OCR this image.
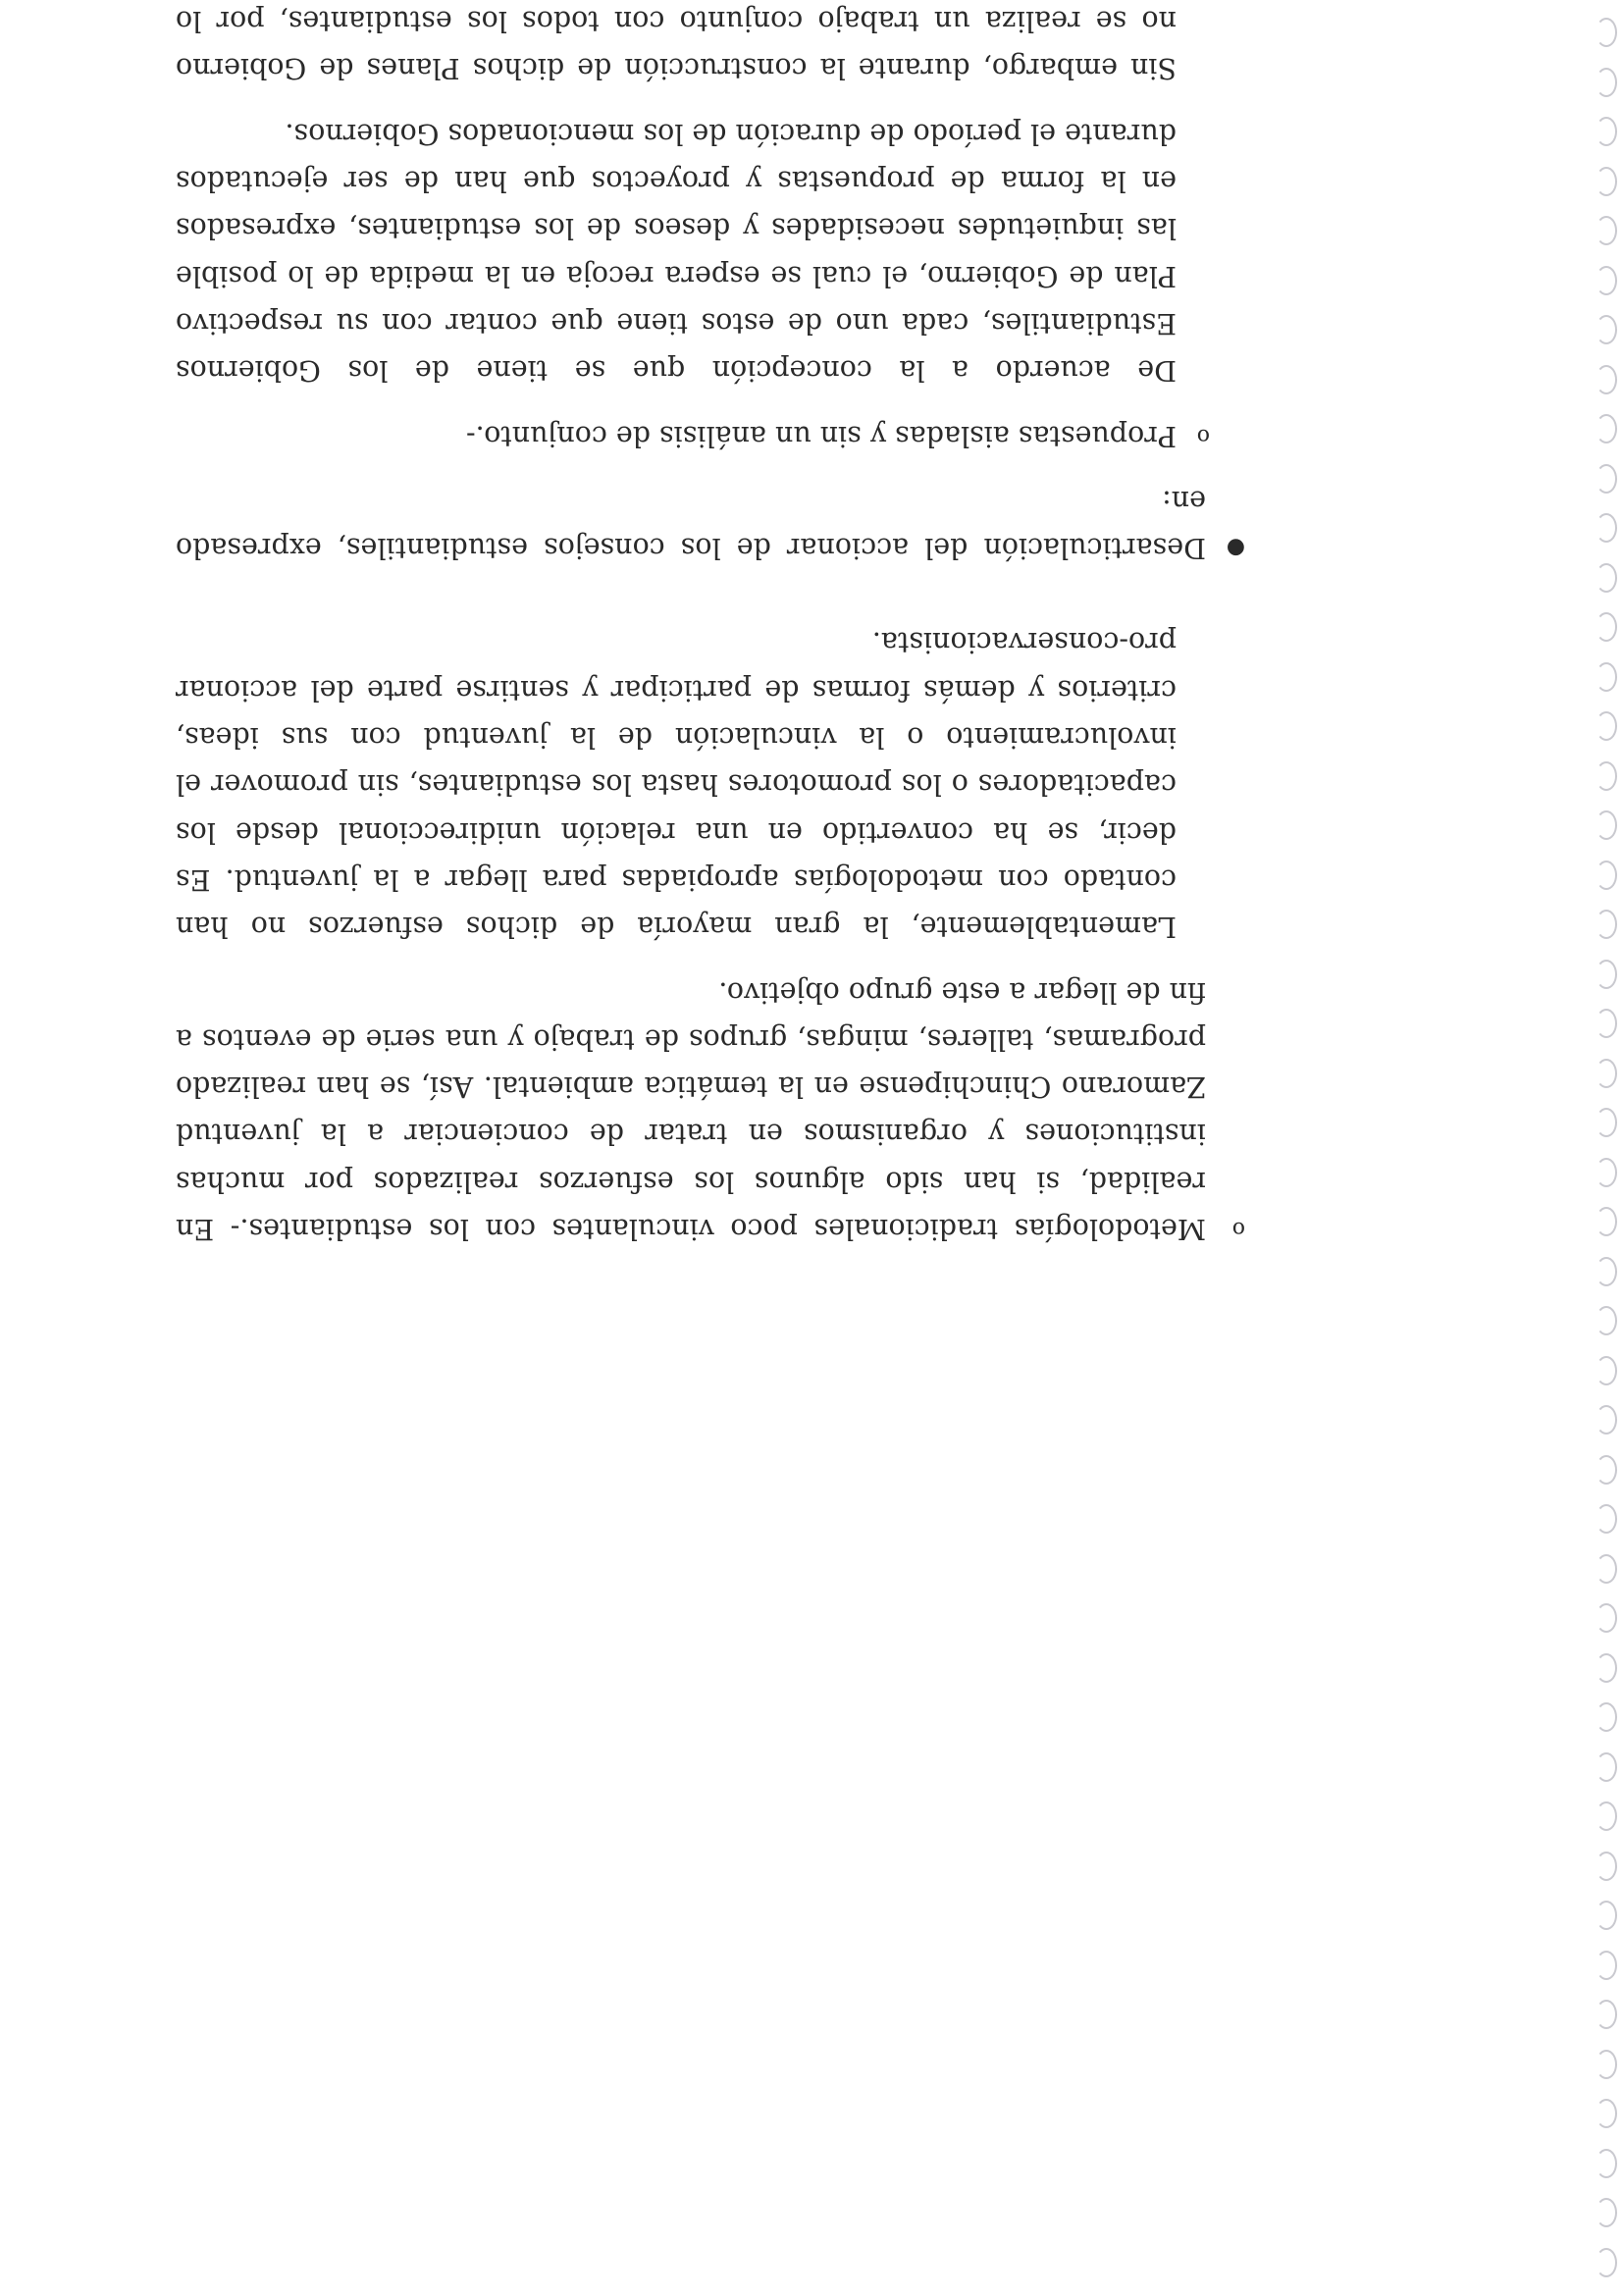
o
Metodologías tradicionales poco vinculantes con los estudiantes.- En realidad, si han sido algunos los esfuerzos realizados por muchas instituciones y organismos en tratar de concienciar a la juventud Zamorano Chinchipense en la temática ambiental. Así, se han realizado programas, talleres, mingas, grupos de trabajo y una serie de eventos a fin de llegar a este grupo objetivo.
Lamentablemente, la gran mayoría de dichos esfuerzos no han contado con metodologías apropiadas para llegar a la juventud. Es decir, se ha convertido en una relación unidireccional desde los capacitadores o los promotores hasta los estudiantes, sin promover el involucramiento o la vinculación de la juventud con sus ideas, criterios y demás formas de participar y sentirse parte del accionar pro-conservacionista.
●
Desarticulación del accionar de los consejos estudiantiles, expresado en:
o
Propuestas aisladas y sin un análisis de conjunto.-
De acuerdo a la concepción que se tiene de los Gobiernos Estudiantiles, cada uno de estos tiene que contar con su respectivo Plan de Gobierno, el cual se espera recoja en la medida de lo posible las inquietudes necesidades y deseos de los estudiantes, expresados en la forma de propuestas y proyectos que han de ser ejecutados durante el período de duración de los mencionados Gobiernos.
Sin embargo, durante la construcción de dichos Planes de Gobierno no se realiza un trabajo conjunto con todos los estudiantes, por lo
